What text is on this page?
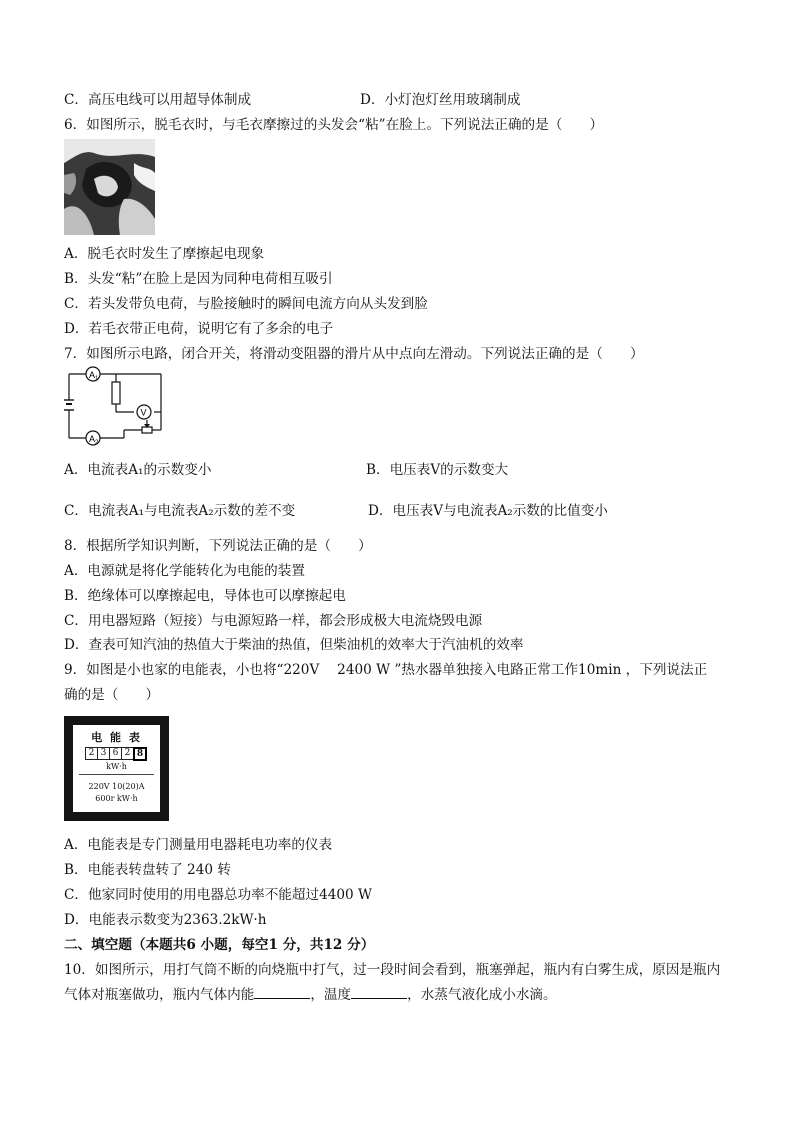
C．高压电线可以用超导体制成	D．小灯泡灯丝用玻璃制成
6．如图所示，脱毛衣时，与毛衣摩擦过的头发会“粘”在脸上。下列说法正确的是（　　）
A．脱毛衣时发生了摩擦起电现象
B．头发“粘”在脸上是因为同种电荷相互吸引
C．若头发带负电荷，与脸接触时的瞬间电流方向从头发到脸
D．若毛衣带正电荷，说明它有了多余的电子
7．如图所示电路，闭合开关，将滑动变阻器的滑片从中点向左滑动。下列说法正确的是（　　）
$A_1$
$A_2$
V
A．电流表A₁的示数变小	B．电压表V的示数变大
C．电流表A₁与电流表A₂示数的差不变	D．电压表V与电流表A₂示数的比值变小
8．根据所学知识判断，下列说法正确的是（　　）
A．电源就是将化学能转化为电能的装置
B．绝缘体可以摩擦起电，导体也可以摩擦起电
C．用电器短路（短接）与电源短路一样，都会形成极大电流烧毁电源
D．查表可知汽油的热值大于柴油的热值，但柴油机的效率大于汽油机的效率
9．如图是小也家的电能表，小也将“220V　 2400 W ”热水器单独接入电路正常工作10min ，下列说法正
确的是（　　）
电 能 表
2 3 6 2 8
kW·h
220V 10(20)A
600r kW·h
A．电能表是专门测量用电器耗电功率的仪表
B．电能表转盘转了 240 转
C．他家同时使用的用电器总功率不能超过4400 W
D．电能表示数变为2363.2kW·h
二、填空题（本题共6 小题，每空1 分，共12 分）
10．如图所示，用打气筒不断的向烧瓶中打气，过一段时间会看到，瓶塞弹起，瓶内有白雾生成，原因是瓶内
气体对瓶塞做功，瓶内气体内能	，温度	，水蒸气液化成小水滴。
